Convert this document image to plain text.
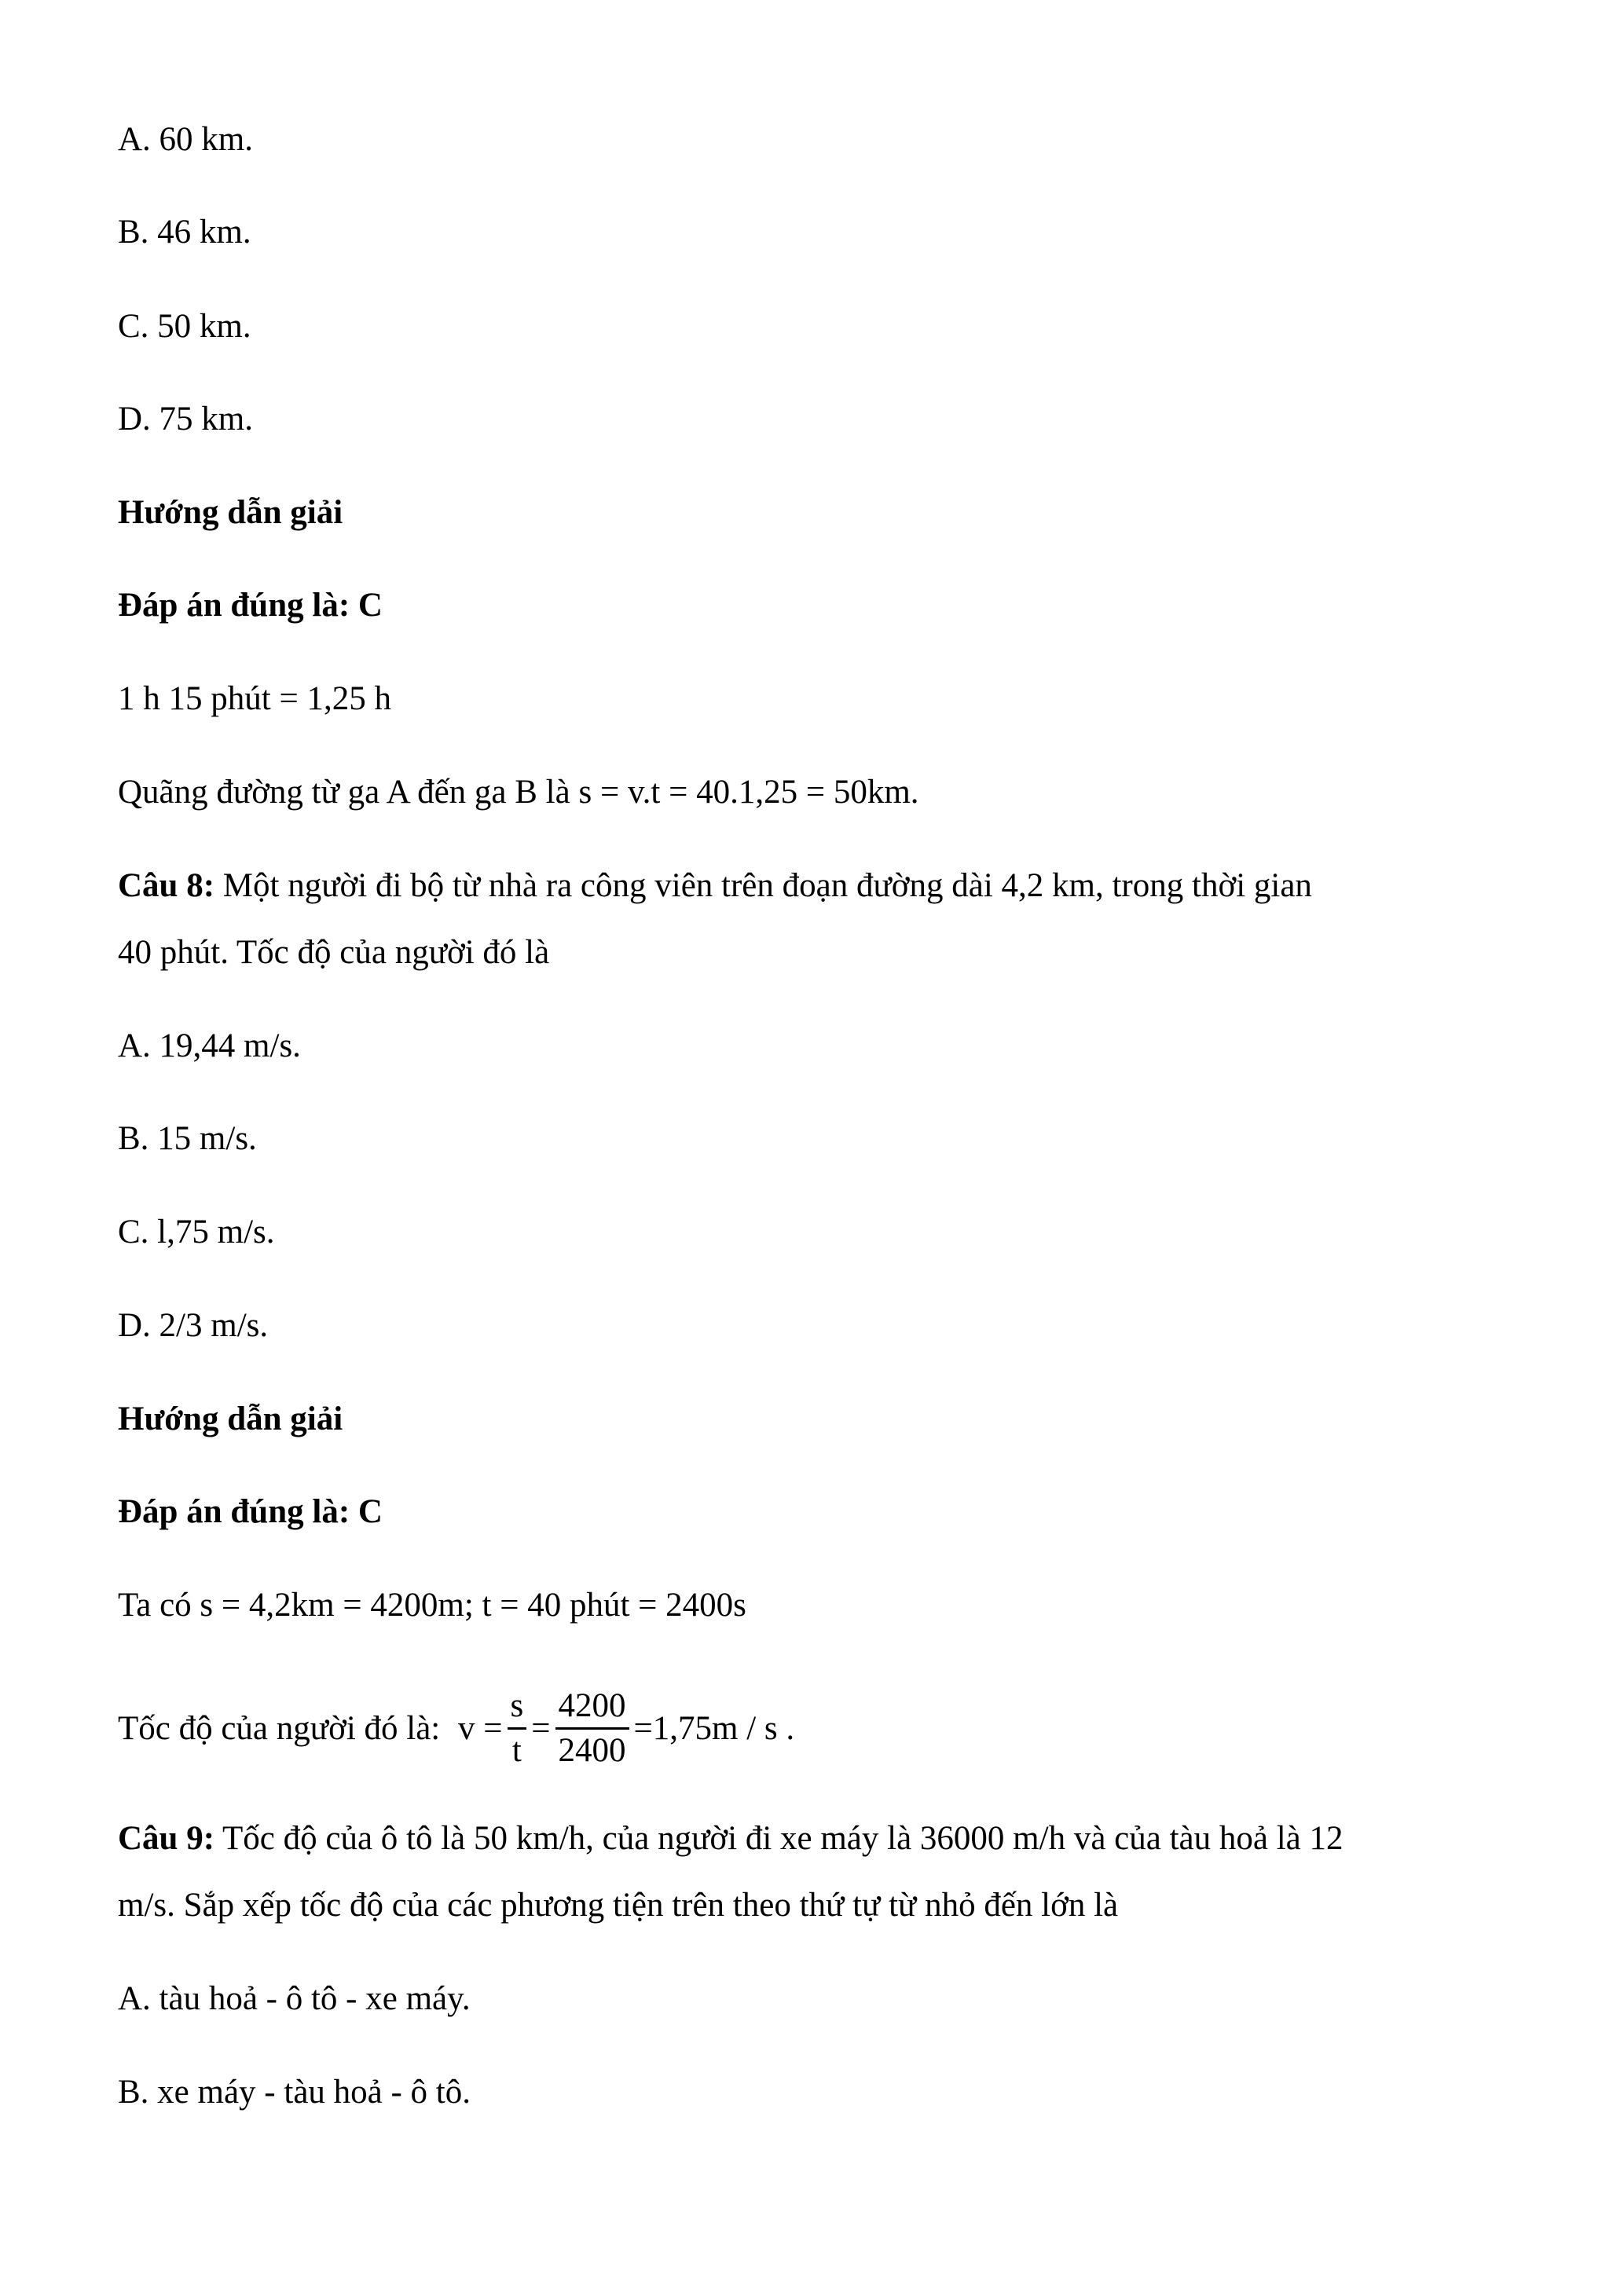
A. 60 km.
B. 46 km.
C. 50 km.
D. 75 km.
Hướng dẫn giải
Đáp án đúng là: C
1 h 15 phút = 1,25 h
Quãng đường từ ga A đến ga B là s = v.t = 40.1,25 = 50km.
Câu 8: Một người đi bộ từ nhà ra công viên trên đoạn đường dài 4,2 km, trong thời gian
40 phút. Tốc độ của người đó là
A. 19,44 m/s.
B. 15 m/s.
C. l,75 m/s.
D. 2/3 m/s.
Hướng dẫn giải
Đáp án đúng là: C
Ta có s = 4,2km = 4200m; t = 40 phút = 2400s
Tốc độ của người đó là: $v = \frac{s}{t} = \frac{4200}{2400} =1,75m / s$ .
Câu 9: Tốc độ của ô tô là 50 km/h, của người đi xe máy là 36000 m/h và của tàu hoả là 12
m/s. Sắp xếp tốc độ của các phương tiện trên theo thứ tự từ nhỏ đến lớn là
A. tàu hoả - ô tô - xe máy.
B. xe máy - tàu hoả - ô tô.
